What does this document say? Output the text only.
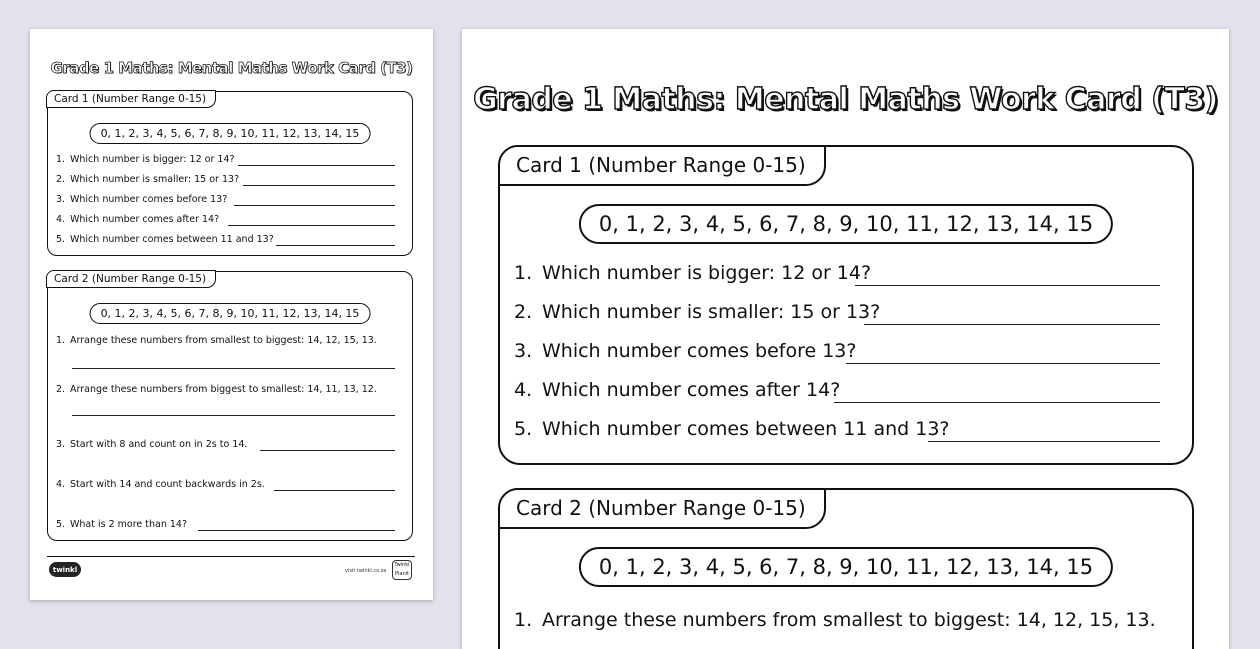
Grade 1 Maths: Mental Maths Work Card (T3)
Card 1 (Number Range 0-15)
0, 1, 2, 3, 4, 5, 6, 7, 8, 9, 10, 11, 12, 13, 14, 15
1. Which number is bigger: 12 or 14?
2. Which number is smaller: 15 or 13?
3. Which number comes before 13?
4. Which number comes after 14?
5. Which number comes between 11 and 13?
Card 2 (Number Range 0-15)
0, 1, 2, 3, 4, 5, 6, 7, 8, 9, 10, 11, 12, 13, 14, 15
1. Arrange these numbers from smallest to biggest: 14, 12, 15, 13.
2. Arrange these numbers from biggest to smallest: 14, 11, 13, 12.
3. Start with 8 and count on in 2s to 14.
4. Start with 14 and count backwards in 2s.
5. What is 2 more than 14?
twinkl	visit twinkl.co.za
Twinkl Planit
Grade 1 Maths: Mental Maths Work Card (T3)
Card 1 (Number Range 0-15)
0, 1, 2, 3, 4, 5, 6, 7, 8, 9, 10, 11, 12, 13, 14, 15
1. Which number is bigger: 12 or 14?
2. Which number is smaller: 15 or 13?
3. Which number comes before 13?
4. Which number comes after 14?
5. Which number comes between 11 and 13?
Card 2 (Number Range 0-15)
0, 1, 2, 3, 4, 5, 6, 7, 8, 9, 10, 11, 12, 13, 14, 15
1. Arrange these numbers from smallest to biggest: 14, 12, 15, 13.
